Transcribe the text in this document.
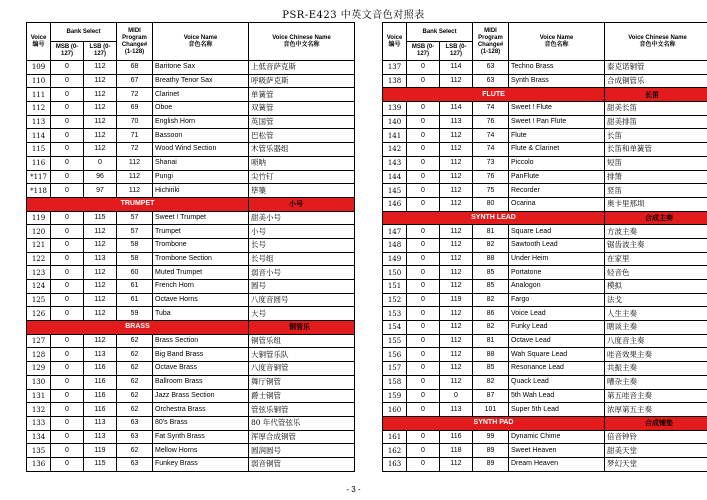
PSR-E423 中英文音色对照表
Voice
编号	Bank Select		MIDI Program Change# (1-128)	Voice Name
音色名称	Voice Chinese Name
音色中文名称
	MSB (0-127)	LSB (0-127)			
109	0	112	68	Baritone Sax	上低音萨克斯
110	0	112	67	Breathy Tenor Sax	呼吸萨克斯
111	0	112	72	Clarinet	单簧管
112	0	112	69	Oboe	双簧管
113	0	112	70	English Horn	英国管
114	0	112	71	Bassoon	巴松管
115	0	112	72	Wood Wind Section	木管乐器组
116	0	0	112	Shanai	唢呐
*117	0	96	112	Pungi	尖竹钉
*118	0	97	112	Hichiriki	筚篥
TRUMPET					小号
119	0	115	57	Sweet ! Trumpet	甜美小号
120	0	112	57	Trumpet	小号
121	0	112	58	Trombone	长号
122	0	113	58	Trombone Section	长号组
123	0	112	60	Muted Trumpet	弱音小号
124	0	112	61	French Horn	圆号
125	0	112	61	Octave Horns	八度音圆号
126	0	112	59	Tuba	大号
BRASS					铜管乐
127	0	112	62	Brass Section	铜管乐组
128	0	113	62	Big Band Brass	大铜管乐队
129	0	116	62	Octave Brass	八度音铜管
130	0	116	62	Ballroom Brass	舞厅铜管
131	0	116	62	Jazz Brass Section	爵士铜管
132	0	116	62	Orchestra Brass	管弦乐铜管
133	0	113	63	80's Brass	80 年代管弦乐
134	0	113	63	Fat Synth Brass	浑厚合成铜管
135	0	119	62	Mellow Horns	圆润圆号
136	0	115	63	Funkey Brass	弱音铜管
Voice
编号	Bank Select		MIDI Program Change# (1-128)	Voice Name
音色名称	Voice Chinese Name
音色中文名称
	MSB (0-127)	LSB (0-127)			
137	0	114	63	Techno Brass	泰克诺铜管
138	0	112	63	Synth Brass	合成铜管乐
FLUTE					长笛
139	0	114	74	Sweet ! Flute	甜美长笛
140	0	113	76	Sweet ! Pan Flute	甜美排笛
141	0	112	74	Flute	长笛
142	0	112	74	Flute & Clarinet	长笛和单簧管
143	0	112	73	Piccolo	短笛
144	0	112	76	PanFlute	排箫
145	0	112	75	Recorder	竖笛
146	0	112	80	Ocarina	奥卡里那埙
SYNTH LEAD					合成主奏
147	0	112	81	Square Lead	方波主奏
148	0	112	82	Sawtooth Lead	锯齿波主奏
149	0	112	88	Under Heim	在家里
150	0	112	85	Portatone	轻音色
151	0	112	85	Analogon	模拟
152	0	119	82	Fargo	法戈
153	0	112	86	Voice Lead	人生主奏
154	0	112	82	Funky Lead	瞎谈主奏
155	0	112	81	Octave Lead	八度音主奏
156	0	112	88	Wah Square Lead	哇音效果主奏
157	0	112	85	Resonance Lead	共振主奏
158	0	112	82	Quack Lead	嘈杂主奏
159	0	0	87	5th Wah Lead	第五哇音主奏
160	0	113	101	Super 5th Lead	浓厚第五主奏
SYNTH PAD					合成铺垫
161	0	116	99	Dynamic Chime	倍音钟铃
162	0	118	89	Sweet Heaven	甜美天堂
163	0	112	89	Dream Heaven	梦幻天堂
- 3 -
